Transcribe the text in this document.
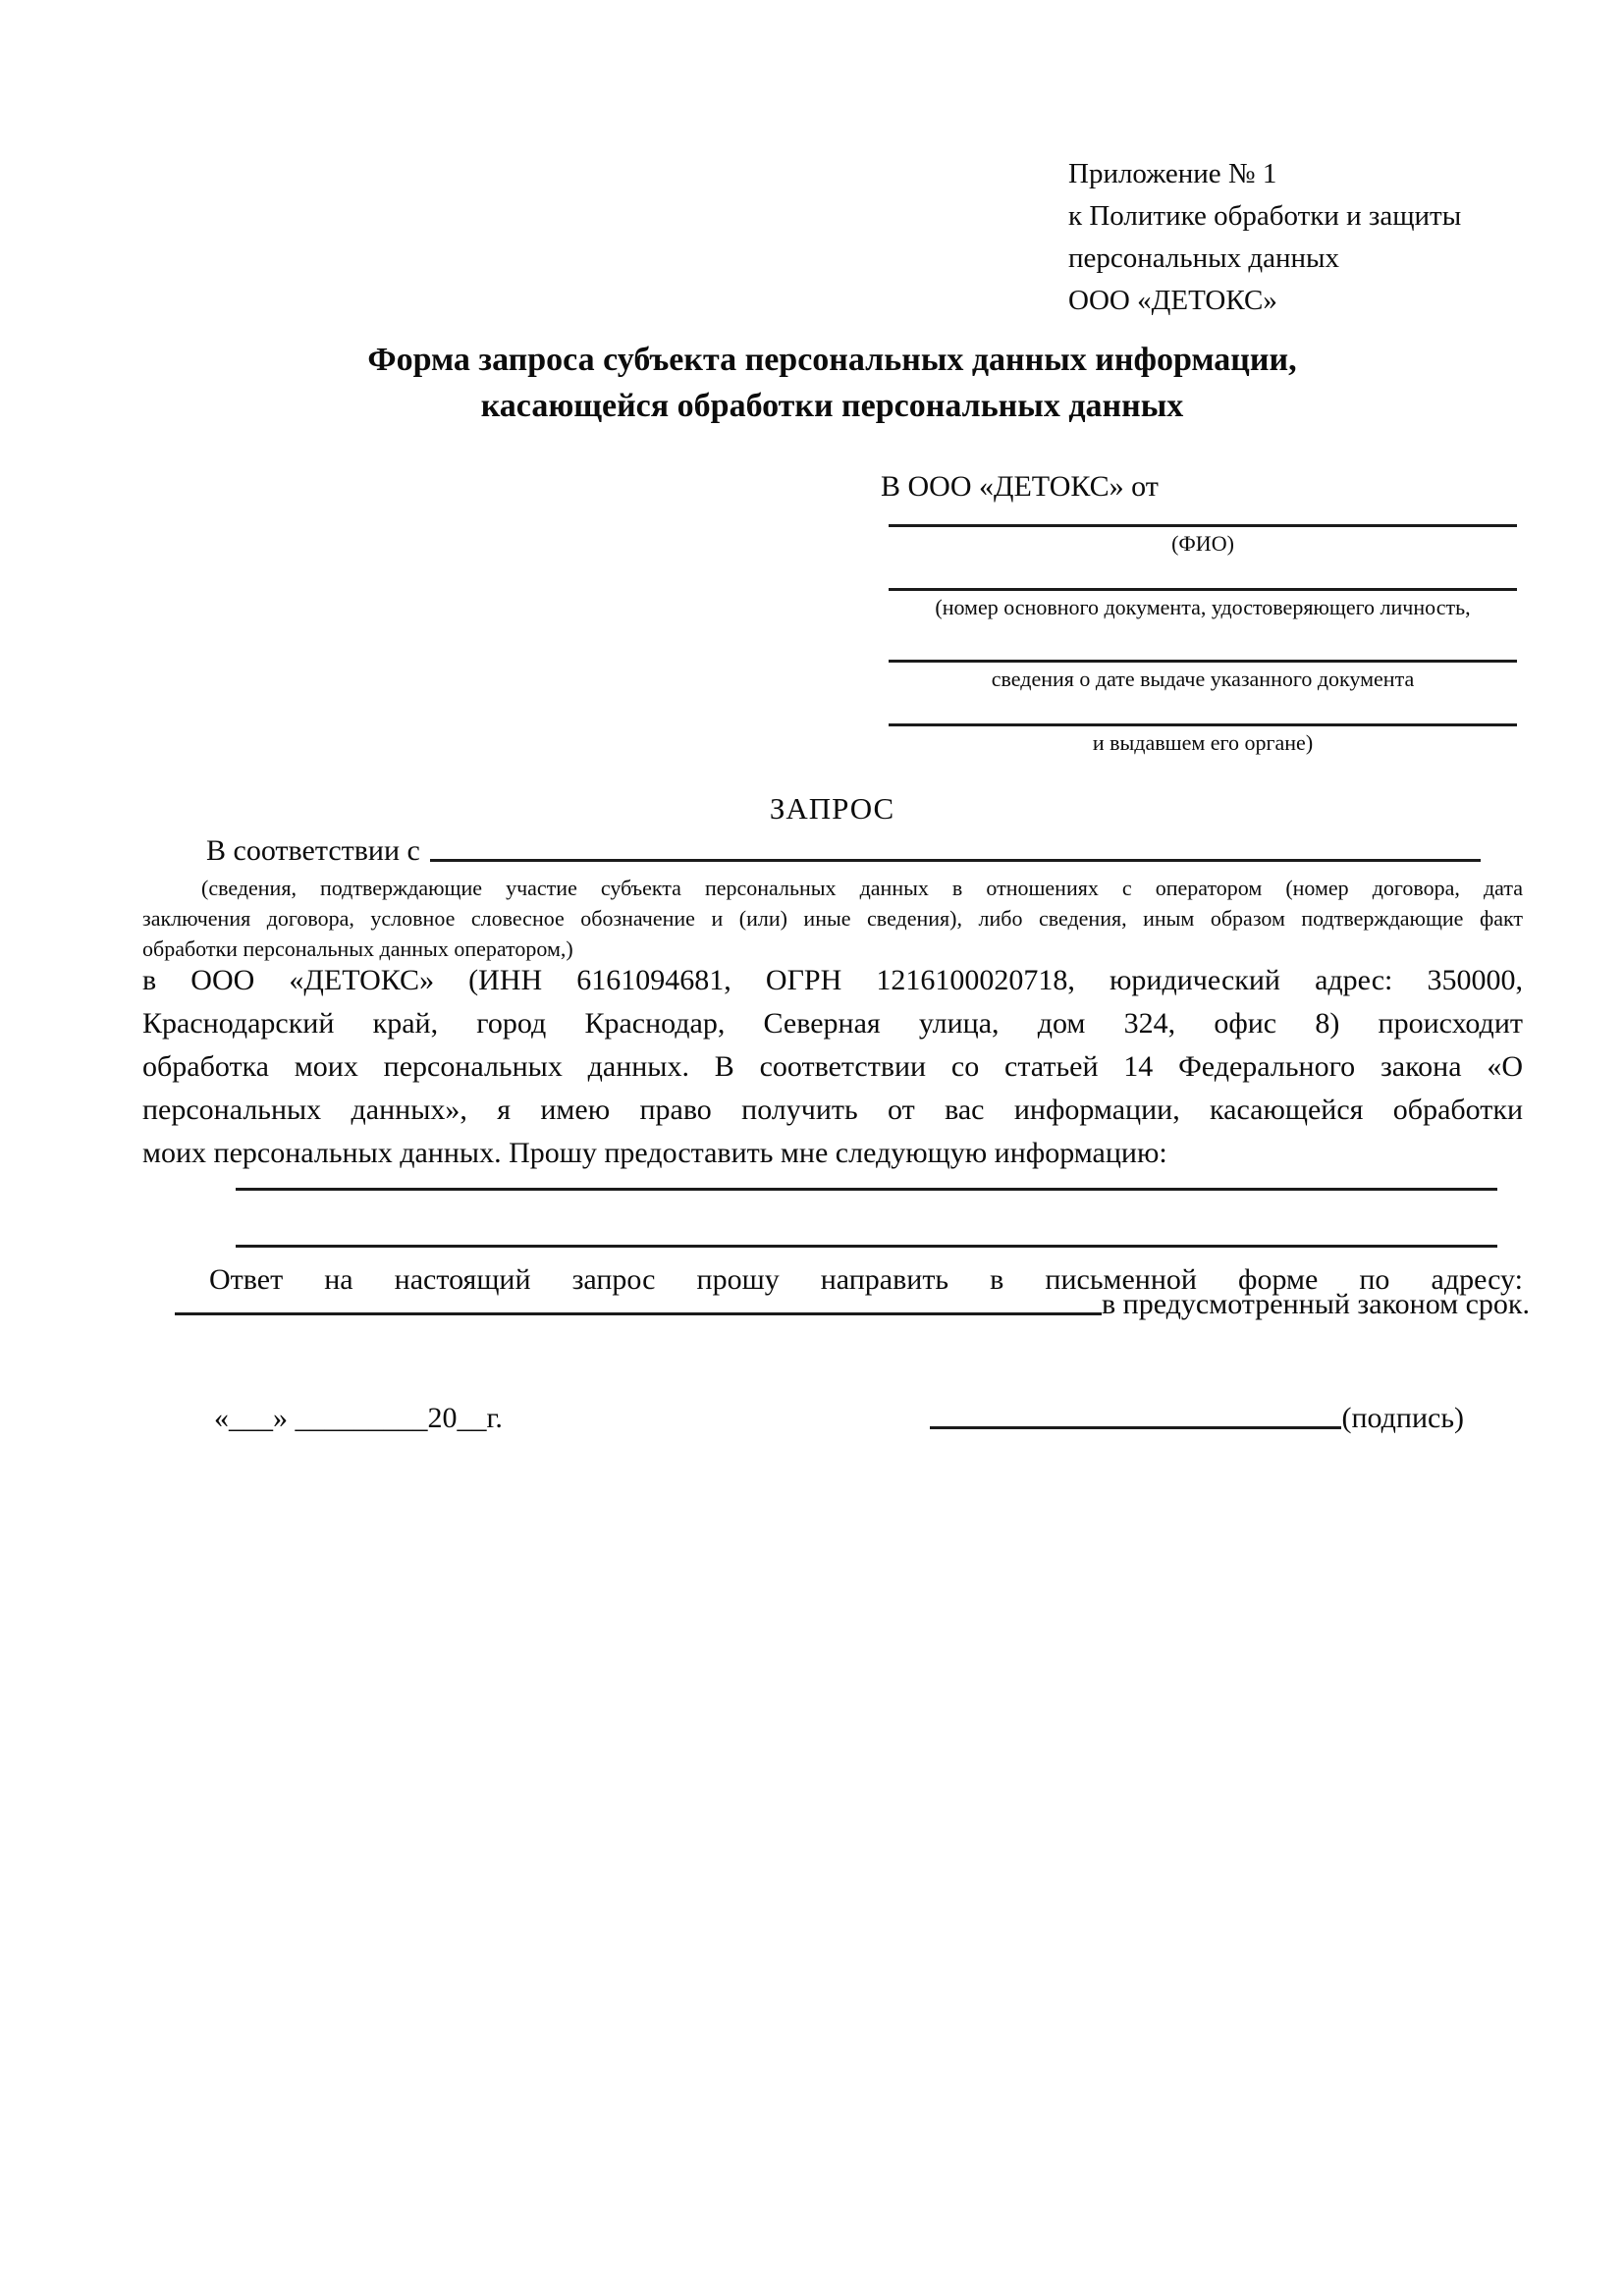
Приложение № 1
к Политике обработки и защиты
персональных данных
ООО «ДЕТОКС»
Форма запроса субъекта персональных данных информации,
касающейся обработки персональных данных
В ООО «ДЕТОКС» от
(ФИО)
(номер основного документа, удостоверяющего личность,
сведения о дате выдаче указанного документа
и выдавшем его органе)
ЗАПРОС
В соответствии с
(сведения, подтверждающие участие субъекта персональных данных в отношениях с оператором (номер договора, дата
заключения договора, условное словесное обозначение и (или) иные сведения), либо сведения, иным образом подтверждающие факт
обработки персональных данных оператором,)
в ООО «ДЕТОКС» (ИНН 6161094681, ОГРН 1216100020718, юридический адрес: 350000,
Краснодарский край, город Краснодар, Северная улица, дом 324, офис 8) происходит
обработка моих персональных данных. В соответствии со статьей 14 Федерального закона «О
персональных данных», я имею право получить от вас информации, касающейся обработки
моих персональных данных. Прошу предоставить мне следующую информацию:
Ответ на настоящий запрос прошу направить в письменной форме по адресу:
в предусмотренный законом срок.
«___» _________20__г.	(подпись)
